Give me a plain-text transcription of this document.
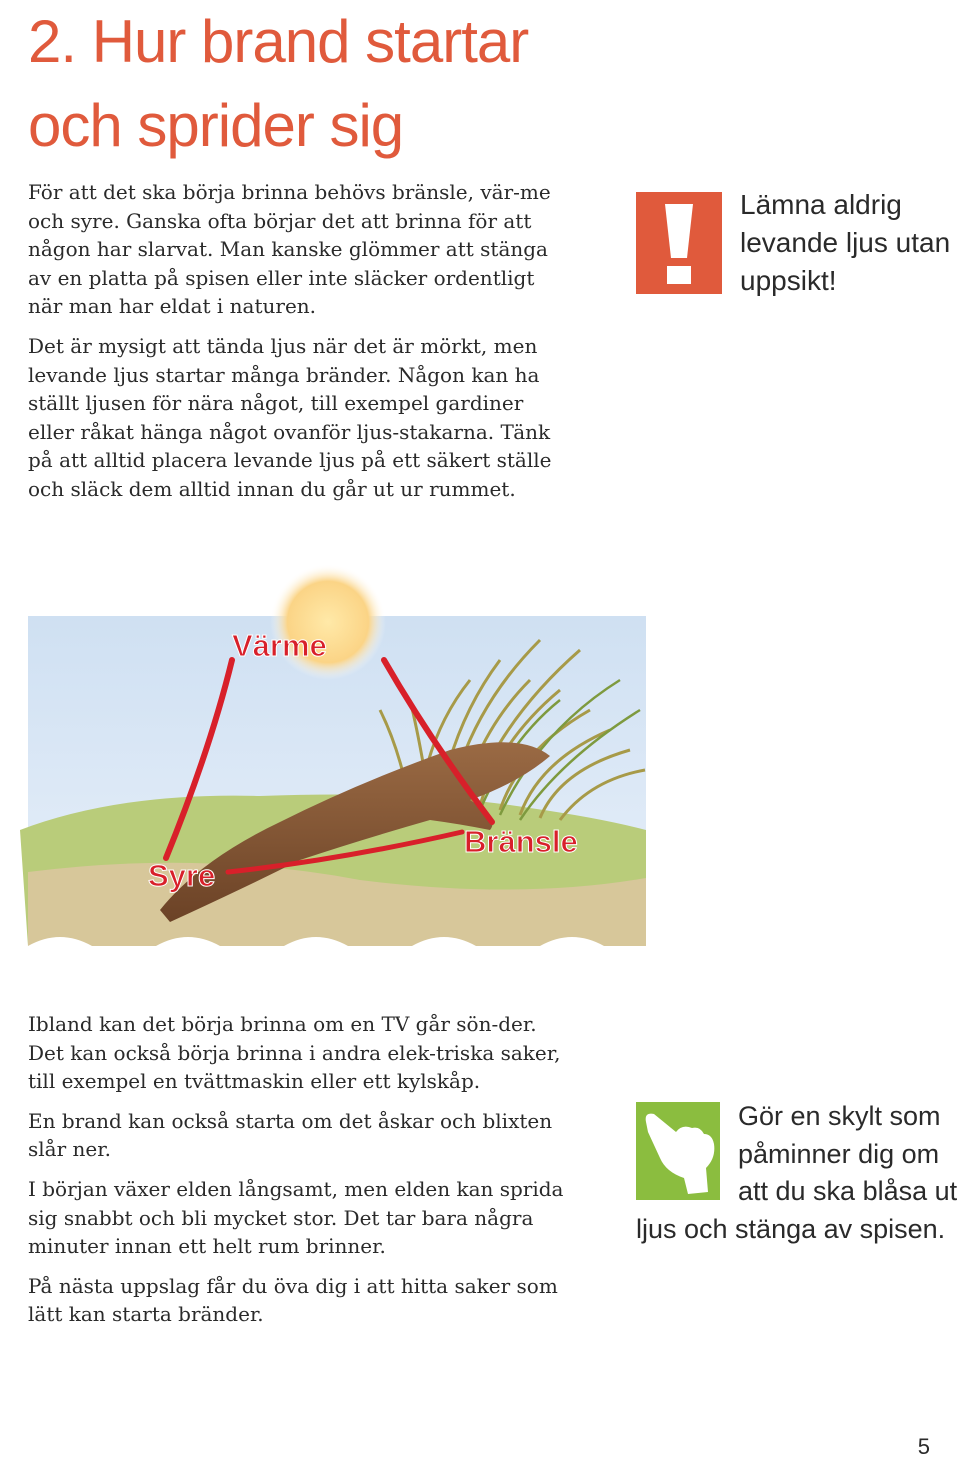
2. Hur brand startar
och sprider sig

För att det ska börja brinna behövs bränsle, vär-me och syre. Ganska ofta börjar det att brinna för att någon har slarvat. Man kanske glömmer att stänga av en platta på spisen eller inte släcker ordentligt när man har eldat i naturen.

Det är mysigt att tända ljus när det är mörkt, men levande ljus startar många bränder. Någon kan ha ställt ljusen för nära något, till exempel gardiner eller råkat hänga något ovanför ljus-stakarna. Tänk på att alltid placera levande ljus på ett säkert ställe och släck dem alltid innan du går ut ur rummet.

Lämna aldrig
levande ljus utan
uppsikt!
Värme
Syre
Bränsle

Ibland kan det börja brinna om en TV går sön-der. Det kan också börja brinna i andra elek-triska saker, till exempel en tvättmaskin eller ett kylskåp.

En brand kan också starta om det åskar och blixten slår ner.

I början växer elden långsamt, men elden kan sprida sig snabbt och bli mycket stor. Det tar bara några minuter innan ett helt rum brinner.

På nästa uppslag får du öva dig i att hitta saker som lätt kan starta bränder.

Gör en skylt som
påminner dig om
att du ska blåsa ut
ljus och stänga av spisen.
5
